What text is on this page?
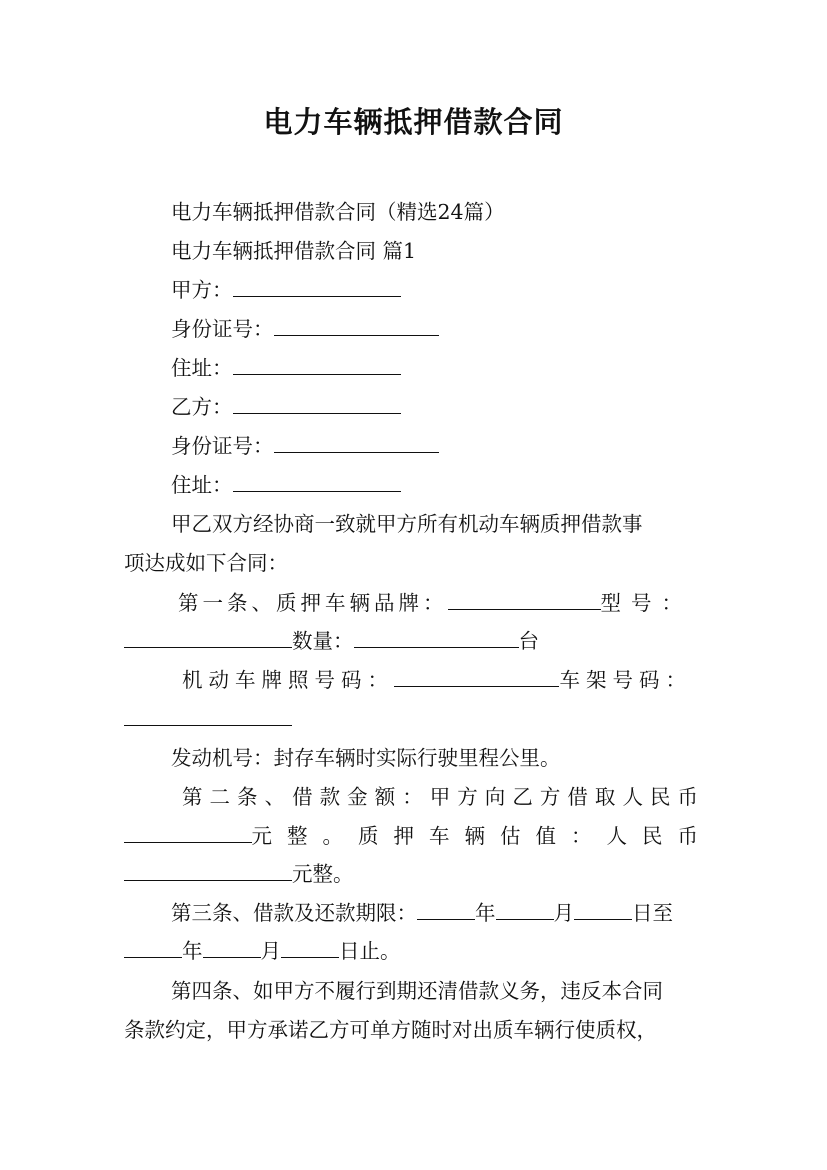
电力车辆抵押借款合同
电力车辆抵押借款合同（精选24篇）
电力车辆抵押借款合同 篇1
甲方：
身份证号：
住址：
乙方：
身份证号：
住址：
甲乙双方经协商一致就甲方所有机动车辆质押借款事
项达成如下合同：
第一条、质押车辆品牌：	型号：
数量：	台
机动车牌照号码：	车架号码：
发动机号：封存车辆时实际行驶里程公里。
第二条、借款金额：甲方向乙方借取人民币
元整。质押车辆估值：人民币
元整。
第三条、借款及还款期限：	年	月	日至
年	月	日止。
第四条、如甲方不履行到期还清借款义务，违反本合同
条款约定，甲方承诺乙方可单方随时对出质车辆行使质权，
